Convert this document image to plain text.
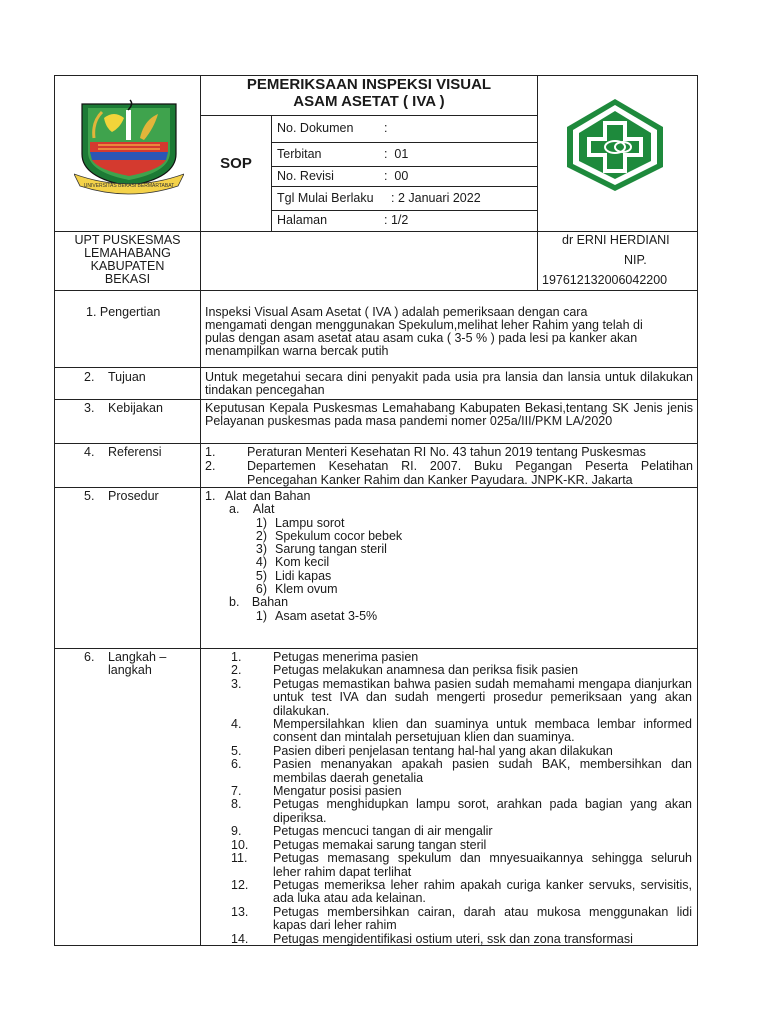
UNIVERSITAS BEKASI BERMARTABAT
PEMERIKSAAN INSPEKSI VISUAL
ASAM ASETAT ( IVA )
SOP
No. Dokumen :
Terbitan	:  01
No. Revisi	:  00
Tgl Mulai Berlaku : 2 Januari 2022
Halaman	: 1/2
UPT PUSKESMAS
LEMAHABANG
KABUPATEN
BEKASI
dr ERNI HERDIANI
NIP.
197612132006042200
1. Pengertian	Inspeksi Visual Asam Asetat ( IVA ) adalah pemeriksaan dengan cara
mengamati dengan menggunakan Spekulum,melihat leher Rahim yang telah di
pulas dengan asam asetat atau asam cuka ( 3-5 % ) pada lesi pa kanker akan
menampilkan warna bercak putih
2. Tujuan	Untuk megetahui secara dini penyakit pada usia pra lansia dan lansia untuk dilakukan tindakan pencegahan
3. Kebijakan	Keputusan Kepala Puskesmas Lemahabang Kabupaten Bekasi,tentang SK Jenis jenis Pelayanan puskesmas pada masa pandemi nomer 025a/III/PKM LA/2020
4. Referensi	1.	Peraturan Menteri Kesehatan RI No. 43 tahun 2019 tentang Puskesmas
2.	Departemen Kesehatan RI. 2007. Buku Pegangan Peserta Pelatihan Pencegahan Kanker Rahim dan Kanker Payudara. JNPK-KR. Jakarta
5. Prosedur	1. Alat dan Bahan
a. Alat
1) Lampu sorot
2) Spekulum cocor bebek
3) Sarung tangan steril
4) Kom kecil
5) Lidi kapas
6) Klem ovum
b. Bahan
1) Asam asetat 3-5%
6. Langkah –
langkah
1.	Petugas menerima pasien
2.	Petugas melakukan anamnesa dan periksa fisik pasien
3.	Petugas memastikan bahwa pasien sudah memahami mengapa dianjurkan untuk test IVA dan sudah mengerti prosedur pemeriksaan yang akan dilakukan.
4.	Mempersilahkan klien dan suaminya untuk membaca lembar informed consent dan mintalah persetujuan klien dan suaminya.
5.	Pasien diberi penjelasan tentang hal-hal yang akan dilakukan
6.	Pasien menanyakan apakah pasien sudah BAK, membersihkan dan membilas daerah genetalia
7.	Mengatur posisi pasien
8.	Petugas menghidupkan lampu sorot, arahkan pada bagian yang akan diperiksa.
9.	Petugas mencuci tangan di air mengalir
10.	Petugas memakai sarung tangan steril
11.	Petugas memasang spekulum dan mnyesuaikannya sehingga seluruh leher rahim dapat terlihat
12.	Petugas memeriksa leher rahim apakah curiga kanker servuks, servisitis, ada luka atau ada kelainan.
13.	Petugas membersihkan cairan, darah atau mukosa menggunakan lidi kapas dari leher rahim
14.	Petugas mengidentifikasi ostium uteri, ssk dan zona transformasi
